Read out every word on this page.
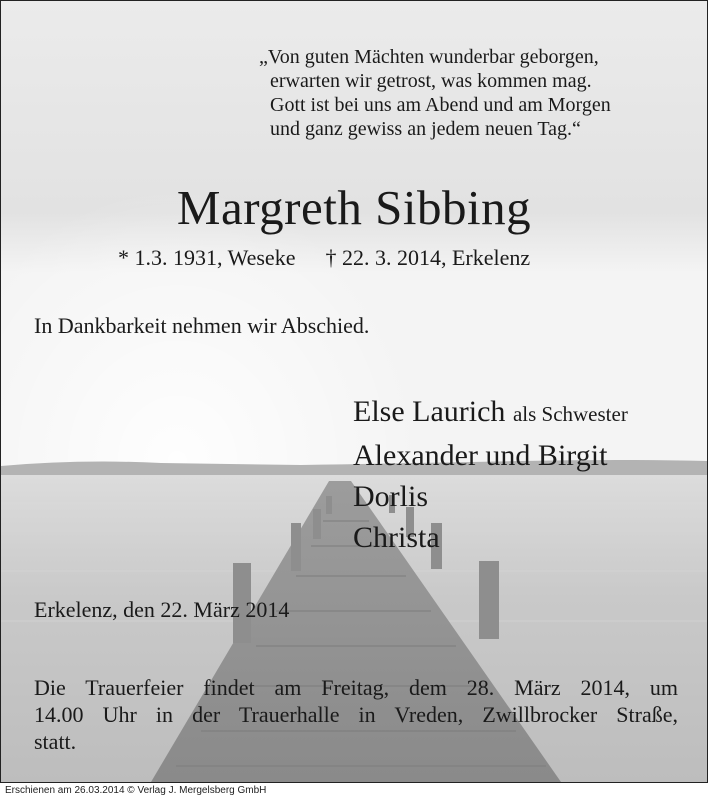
„Von guten Mächten wunderbar geborgen,
erwarten wir getrost, was kommen mag.
Gott ist bei uns am Abend und am Morgen
und ganz gewiss an jedem neuen Tag.“
Margreth Sibbing
* 1.3. 1931, Weseke † 22. 3. 2014, Erkelenz
In Dankbarkeit nehmen wir Abschied.
Else Laurich als Schwester
Alexander und Birgit
Dorlis
Christa
Erkelenz, den 22. März 2014
Die Trauerfeier findet am Freitag, dem 28. März 2014, um
14.00 Uhr in der Trauerhalle in Vreden, Zwillbrocker Straße,
statt.
Erschienen am 26.03.2014 © Verlag J. Mergelsberg GmbH
